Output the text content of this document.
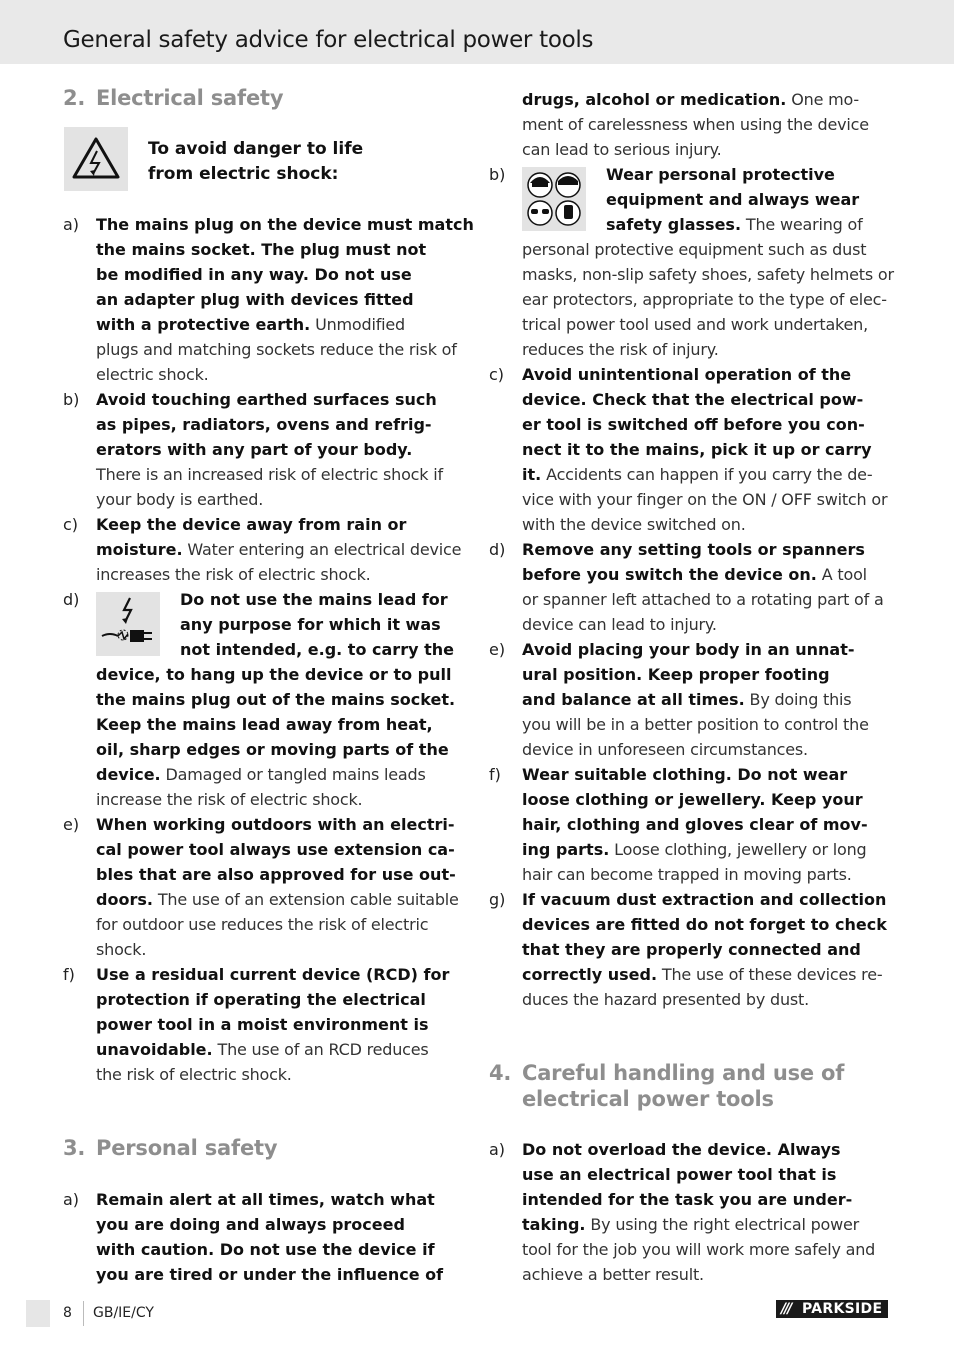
General safety advice for electrical power tools
2. Electrical safety
To avoid danger to life
from electric shock:
a) The mains plug on the device must match
the mains socket. The plug must not
be modified in any way. Do not use
an adapter plug with devices fitted
with a protective earth. Unmodified
plugs and matching sockets reduce the risk of
electric shock.
b) Avoid touching earthed surfaces such
as pipes, radiators, ovens and refrig-
erators with any part of your body.
There is an increased risk of electric shock if
your body is earthed.
c) Keep the device away from rain or
moisture. Water entering an electrical device
increases the risk of electric shock.
d)	Do not use the mains lead for
any purpose for which it was
not intended, e.g. to carry the
device, to hang up the device or to pull
the mains plug out of the mains socket.
Keep the mains lead away from heat,
oil, sharp edges or moving parts of the
device. Damaged or tangled mains leads
increase the risk of electric shock.
e) When working outdoors with an electri-
cal power tool always use extension ca-
bles that are also approved for use out-
doors. The use of an extension cable suitable
for outdoor use reduces the risk of electric
shock.
f) Use a residual current device (RCD) for
protection if operating the electrical
power tool in a moist environment is
unavoidable. The use of an RCD reduces
the risk of electric shock.
3. Personal safety
a) Remain alert at all times, watch what
you are doing and always proceed
with caution. Do not use the device if
you are tired or under the influence of
drugs, alcohol or medication. One mo-
ment of carelessness when using the device
can lead to serious injury.
b)	Wear personal protective
equipment and always wear
safety glasses. The wearing of
personal protective equipment such as dust
masks, non-slip safety shoes, safety helmets or
ear protectors, appropriate to the type of elec-
trical power tool used and work undertaken,
reduces the risk of injury.
c) Avoid unintentional operation of the
device. Check that the electrical pow-
er tool is switched off before you con-
nect it to the mains, pick it up or carry
it. Accidents can happen if you carry the de-
vice with your finger on the ON / OFF switch or
with the device switched on.
d) Remove any setting tools or spanners
before you switch the device on. A tool
or spanner left attached to a rotating part of a
device can lead to injury.
e) Avoid placing your body in an unnat-
ural position. Keep proper footing
and balance at all times. By doing this
you will be in a better position to control the
device in unforeseen circumstances.
f) Wear suitable clothing. Do not wear
loose clothing or jewellery. Keep your
hair, clothing and gloves clear of mov-
ing parts. Loose clothing, jewellery or long
hair can become trapped in moving parts.
g) If vacuum dust extraction and collection
devices are fitted do not forget to check
that they are properly connected and
correctly used. The use of these devices re-
duces the hazard presented by dust.
4. Careful handling and use of
electrical power tools
a) Do not overload the device. Always
use an electrical power tool that is
intended for the task you are under-
taking. By using the right electrical power
tool for the job you will work more safely and
achieve a better result.
8 GB/IE/CY	/// PARKSIDE
